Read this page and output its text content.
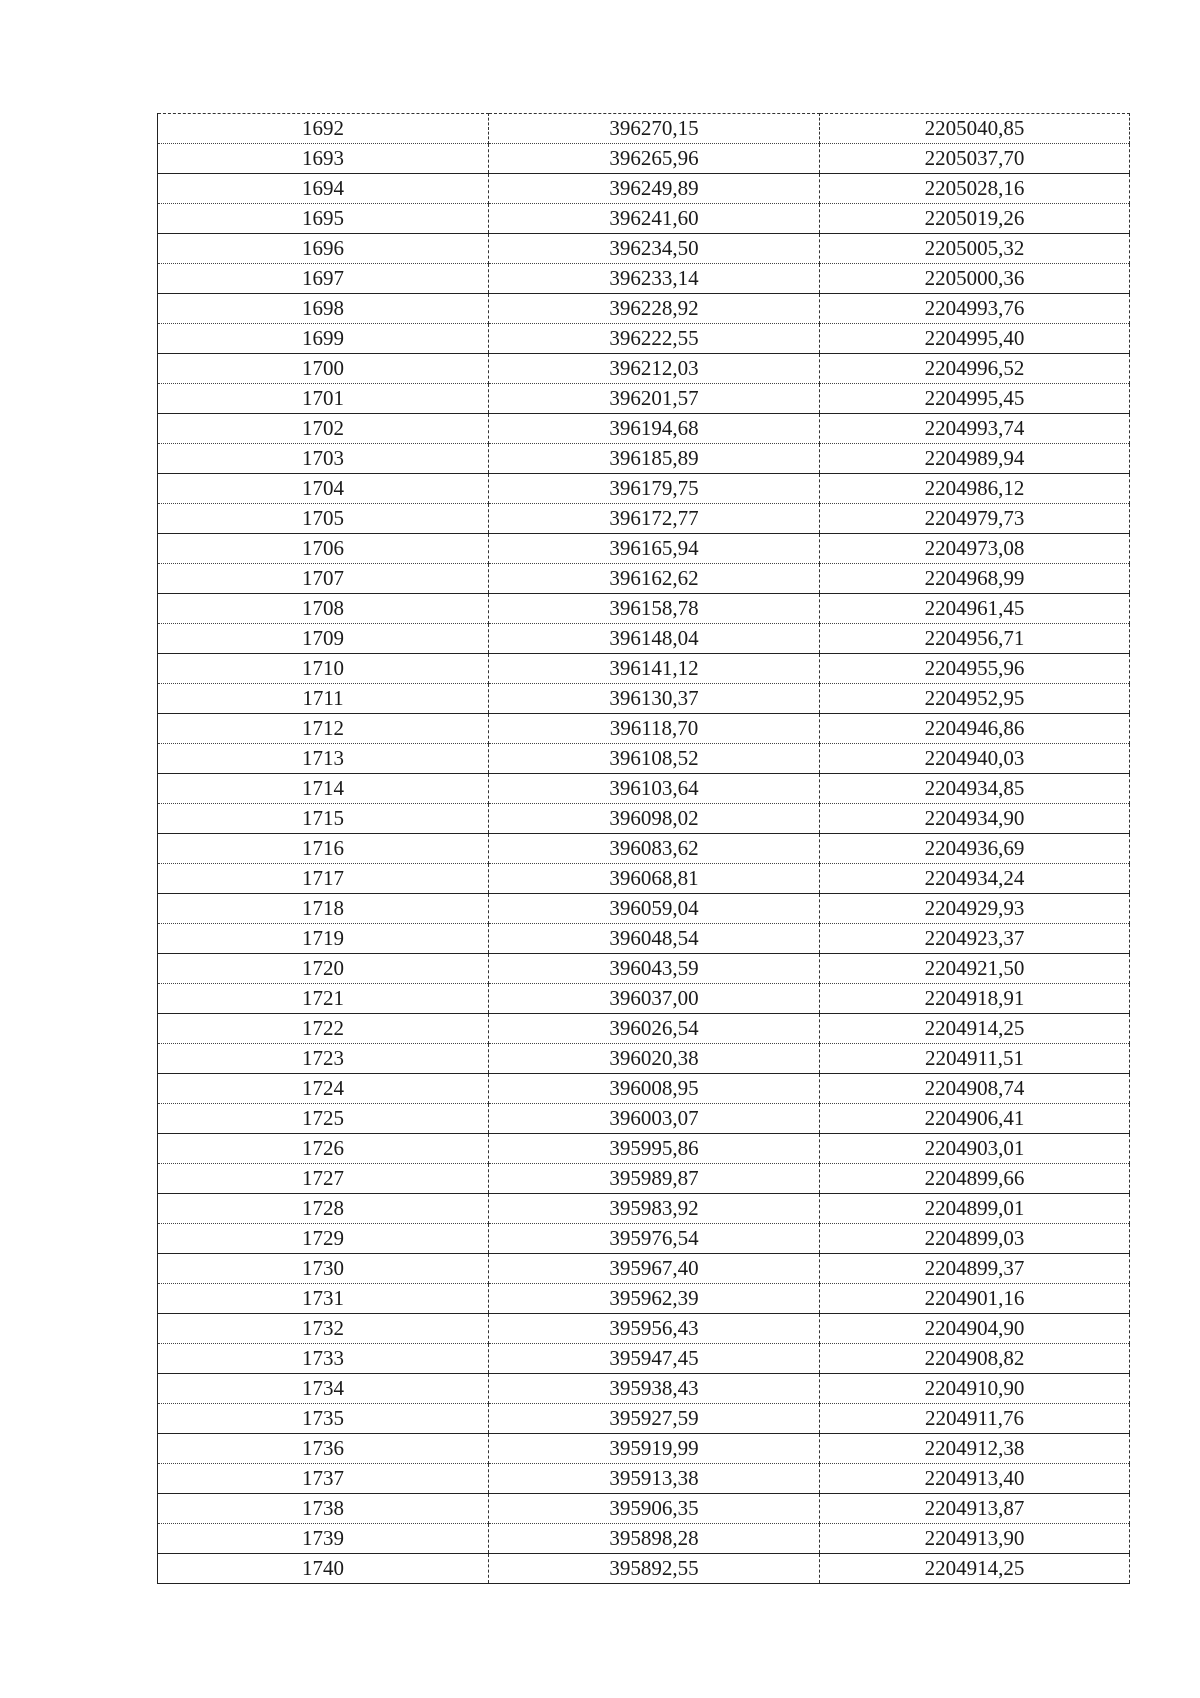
1692	396270,15	2205040,85
1693	396265,96	2205037,70
1694	396249,89	2205028,16
1695	396241,60	2205019,26
1696	396234,50	2205005,32
1697	396233,14	2205000,36
1698	396228,92	2204993,76
1699	396222,55	2204995,40
1700	396212,03	2204996,52
1701	396201,57	2204995,45
1702	396194,68	2204993,74
1703	396185,89	2204989,94
1704	396179,75	2204986,12
1705	396172,77	2204979,73
1706	396165,94	2204973,08
1707	396162,62	2204968,99
1708	396158,78	2204961,45
1709	396148,04	2204956,71
1710	396141,12	2204955,96
1711	396130,37	2204952,95
1712	396118,70	2204946,86
1713	396108,52	2204940,03
1714	396103,64	2204934,85
1715	396098,02	2204934,90
1716	396083,62	2204936,69
1717	396068,81	2204934,24
1718	396059,04	2204929,93
1719	396048,54	2204923,37
1720	396043,59	2204921,50
1721	396037,00	2204918,91
1722	396026,54	2204914,25
1723	396020,38	2204911,51
1724	396008,95	2204908,74
1725	396003,07	2204906,41
1726	395995,86	2204903,01
1727	395989,87	2204899,66
1728	395983,92	2204899,01
1729	395976,54	2204899,03
1730	395967,40	2204899,37
1731	395962,39	2204901,16
1732	395956,43	2204904,90
1733	395947,45	2204908,82
1734	395938,43	2204910,90
1735	395927,59	2204911,76
1736	395919,99	2204912,38
1737	395913,38	2204913,40
1738	395906,35	2204913,87
1739	395898,28	2204913,90
1740	395892,55	2204914,25
